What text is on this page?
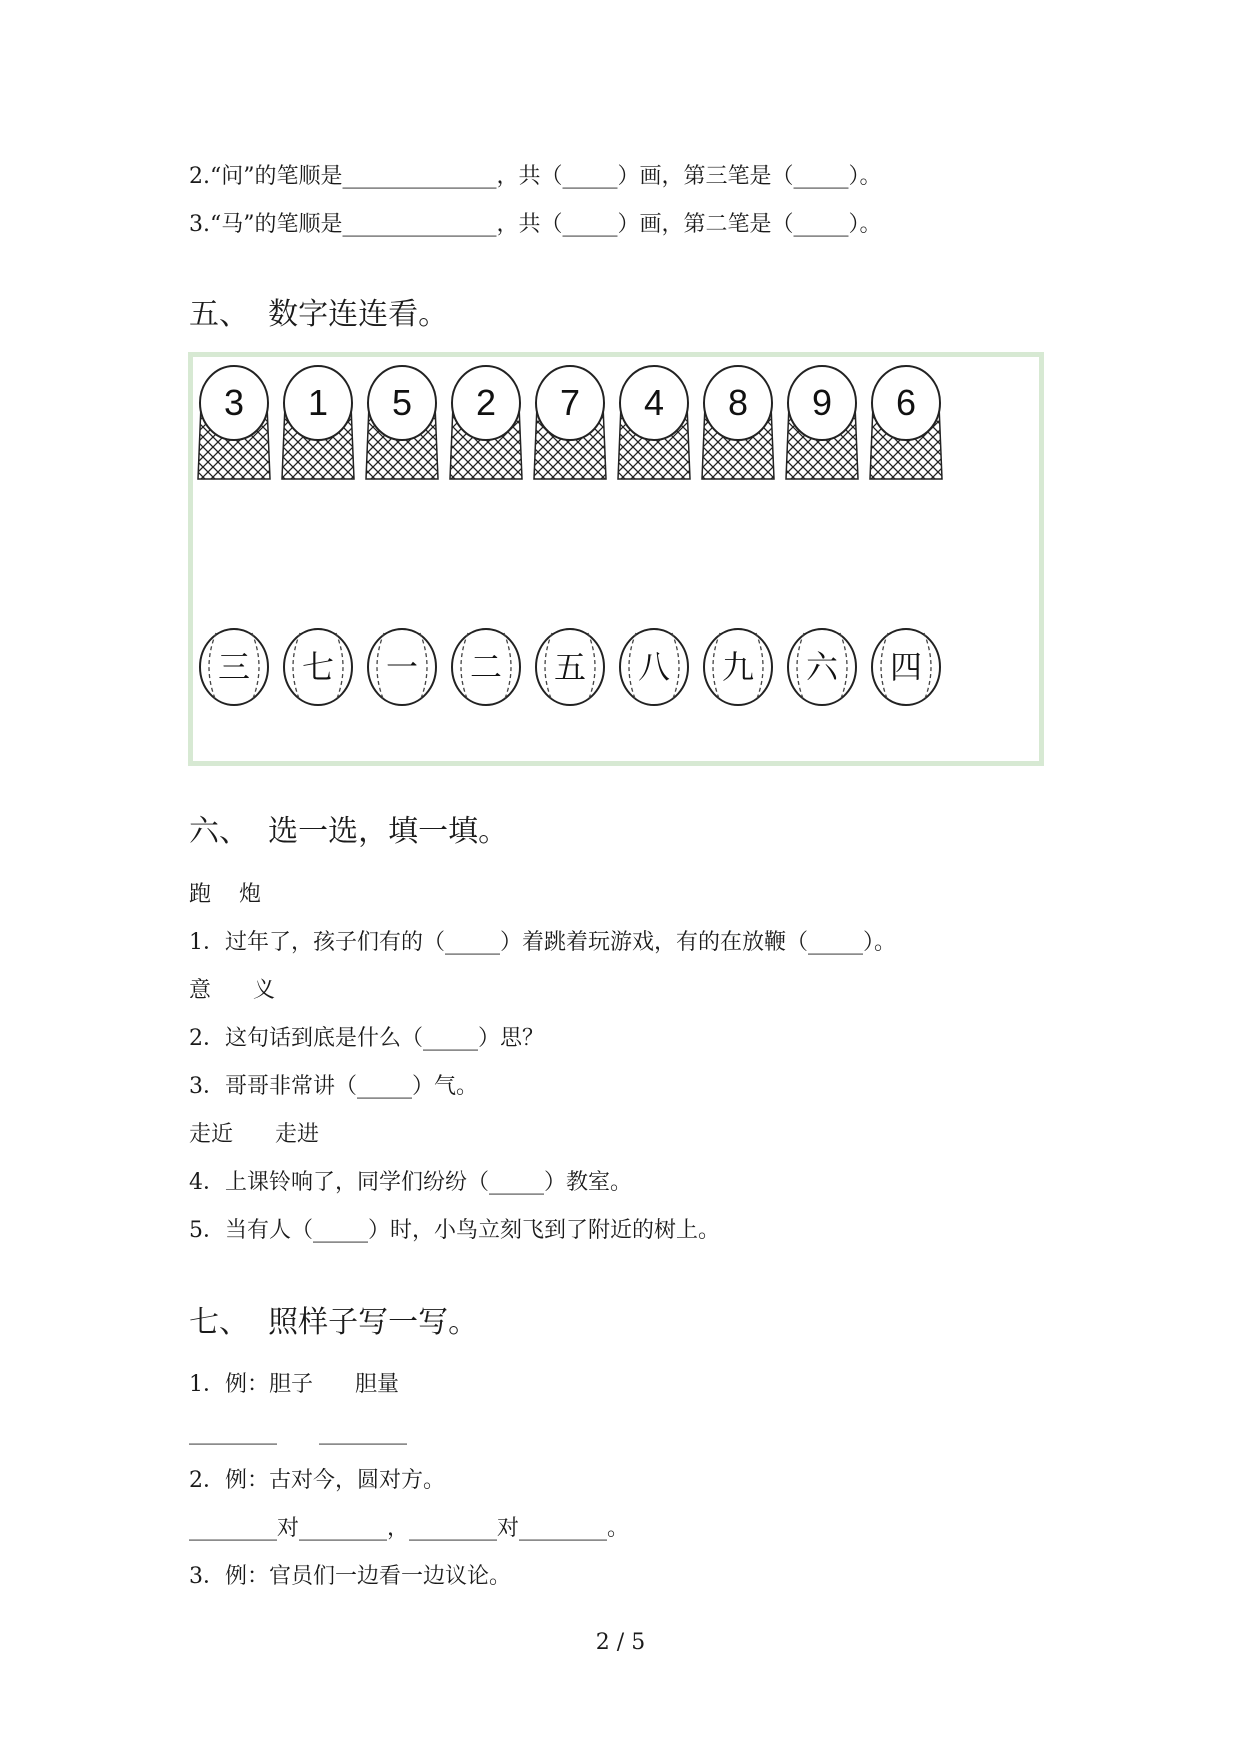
2.“问”的笔顺是______________，共（_____）画，第三笔是（_____）。
3.“马”的笔顺是______________，共（_____）画，第二笔是（_____）。
五、  数字连连看。
3 1 5 2 7 4 8 9 6
三 七 一 二 五 八 九 六 四
六、  选一选，填一填。
跑    炮
1．过年了，孩子们有的（_____）着跳着玩游戏，有的在放鞭（_____）。
意      义
2．这句话到底是什么（_____）思？
3．哥哥非常讲（_____）气。
走近      走进
4．上课铃响了，同学们纷纷（_____）教室。
5．当有人（_____）时，小鸟立刻飞到了附近的树上。
七、  照样子写一写。
1．例：胆子      胆量
________      ________
2．例：古对今，圆对方。
________对________，________对________。
3．例：官员们一边看一边议论。
2 / 5
